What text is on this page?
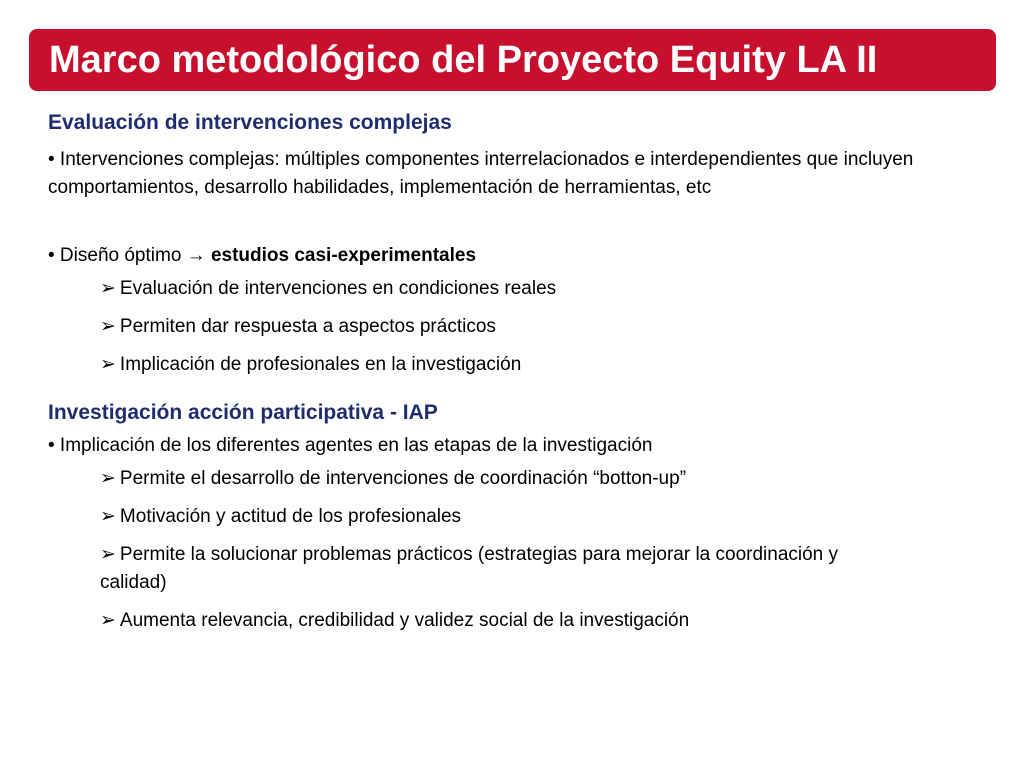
Marco metodológico del Proyecto Equity LA II

Evaluación de intervenciones complejas

• Intervenciones complejas: múltiples componentes interrelacionados e interdependientes que incluyen comportamientos, desarrollo habilidades, implementación de herramientas, etc

• Diseño óptimo → estudios casi-experimentales

➢ Evaluación de intervenciones en condiciones reales

➢ Permiten dar respuesta a aspectos prácticos

➢ Implicación de profesionales en la investigación

Investigación acción participativa - IAP

• Implicación de los diferentes agentes en las etapas de la investigación

➢ Permite el desarrollo de intervenciones de coordinación “botton-up”

➢ Motivación y actitud de los profesionales

➢ Permite la solucionar problemas prácticos (estrategias para mejorar la coordinación y calidad)

➢ Aumenta relevancia, credibilidad y validez social de la investigación
